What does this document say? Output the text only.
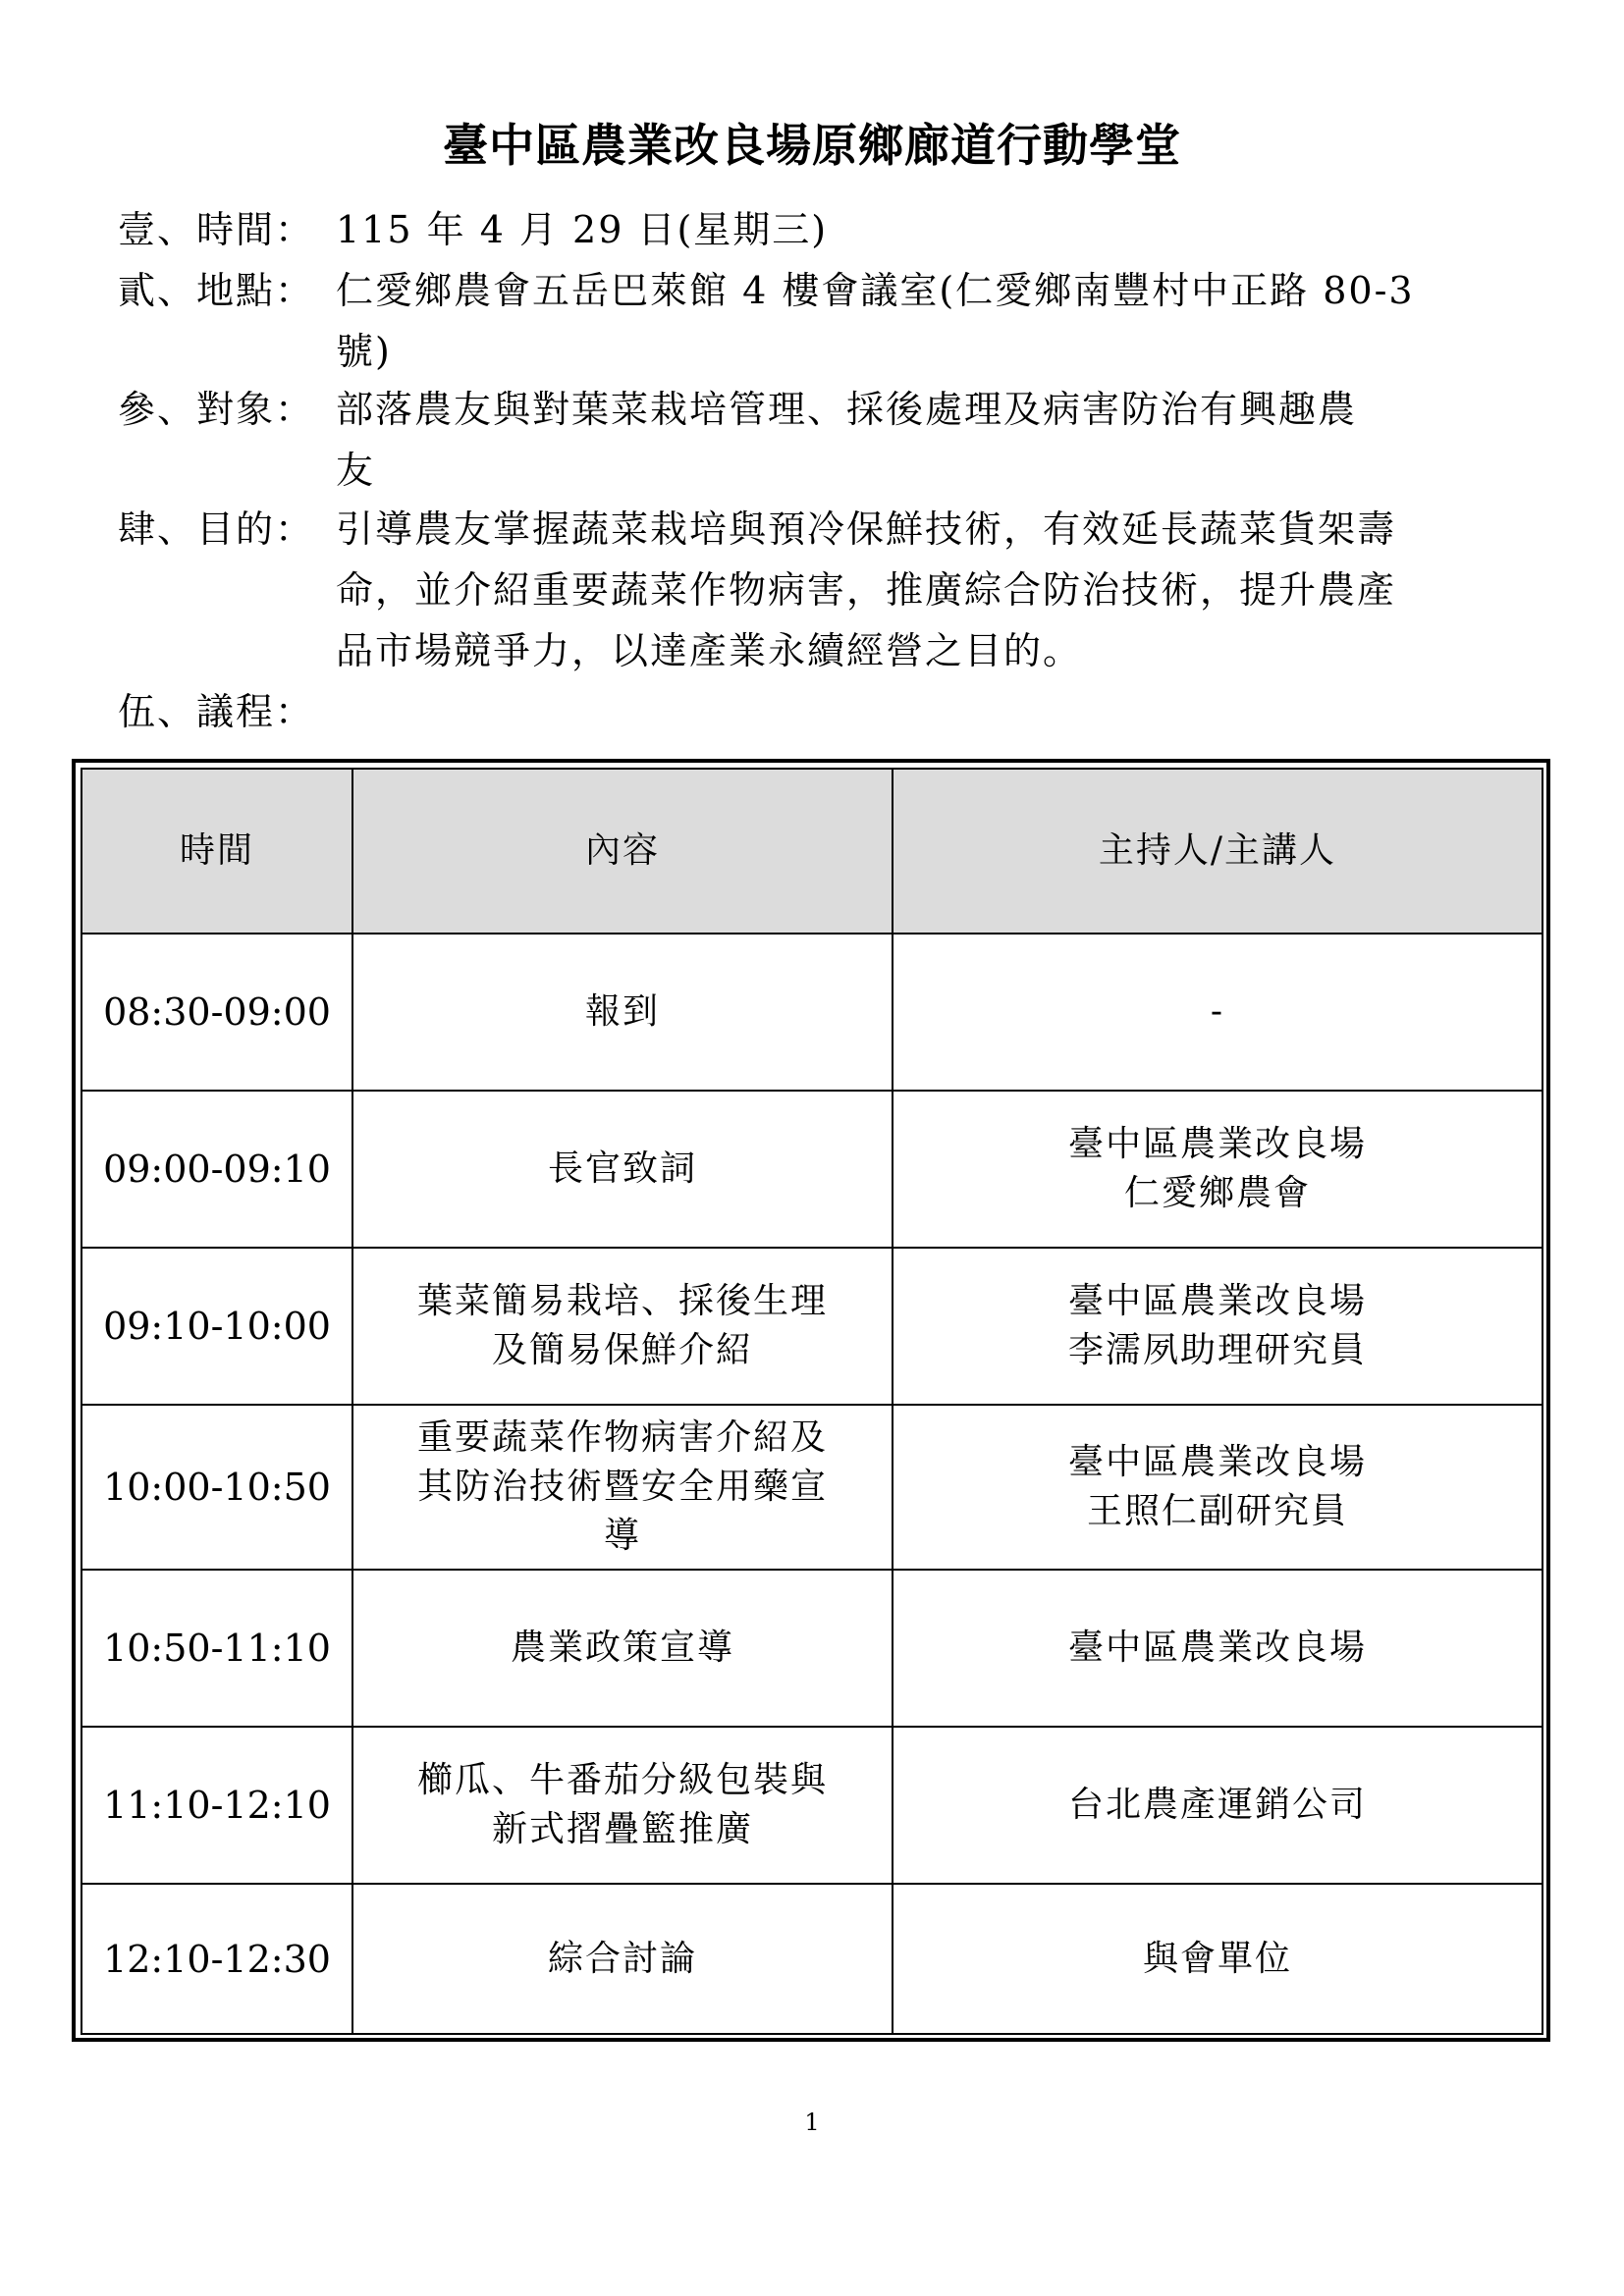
臺中區農業改良場原鄉廊道行動學堂
壹、時間： 115 年 4 月 29 日(星期三)
貳、地點： 仁愛鄉農會五岳巴萊館 4 樓會議室(仁愛鄉南豐村中正路 80-3
號)
參、對象： 部落農友與對葉菜栽培管理、採後處理及病害防治有興趣農
友
肆、目的： 引導農友掌握蔬菜栽培與預冷保鮮技術，有效延長蔬菜貨架壽
命，並介紹重要蔬菜作物病害，推廣綜合防治技術，提升農產
品市場競爭力，以達產業永續經營之目的。
伍、議程：
時間	內容	主持人/主講人
08:30-09:00	報到	-

09:00-09:10	長官致詞	臺中區農業改良場
仁愛鄉農會

09:10-10:00	葉菜簡易栽培、採後生理
及簡易保鮮介紹	臺中區農業改良場
李濡夙助理研究員

10:00-10:50	重要蔬菜作物病害介紹及
其防治技術暨安全用藥宣
導	臺中區農業改良場
王照仁副研究員

10:50-11:10	農業政策宣導	臺中區農業改良場

11:10-12:10	櫛瓜、牛番茄分級包裝與
新式摺疊籃推廣	台北農產運銷公司

12:10-12:30	綜合討論	與會單位
1
